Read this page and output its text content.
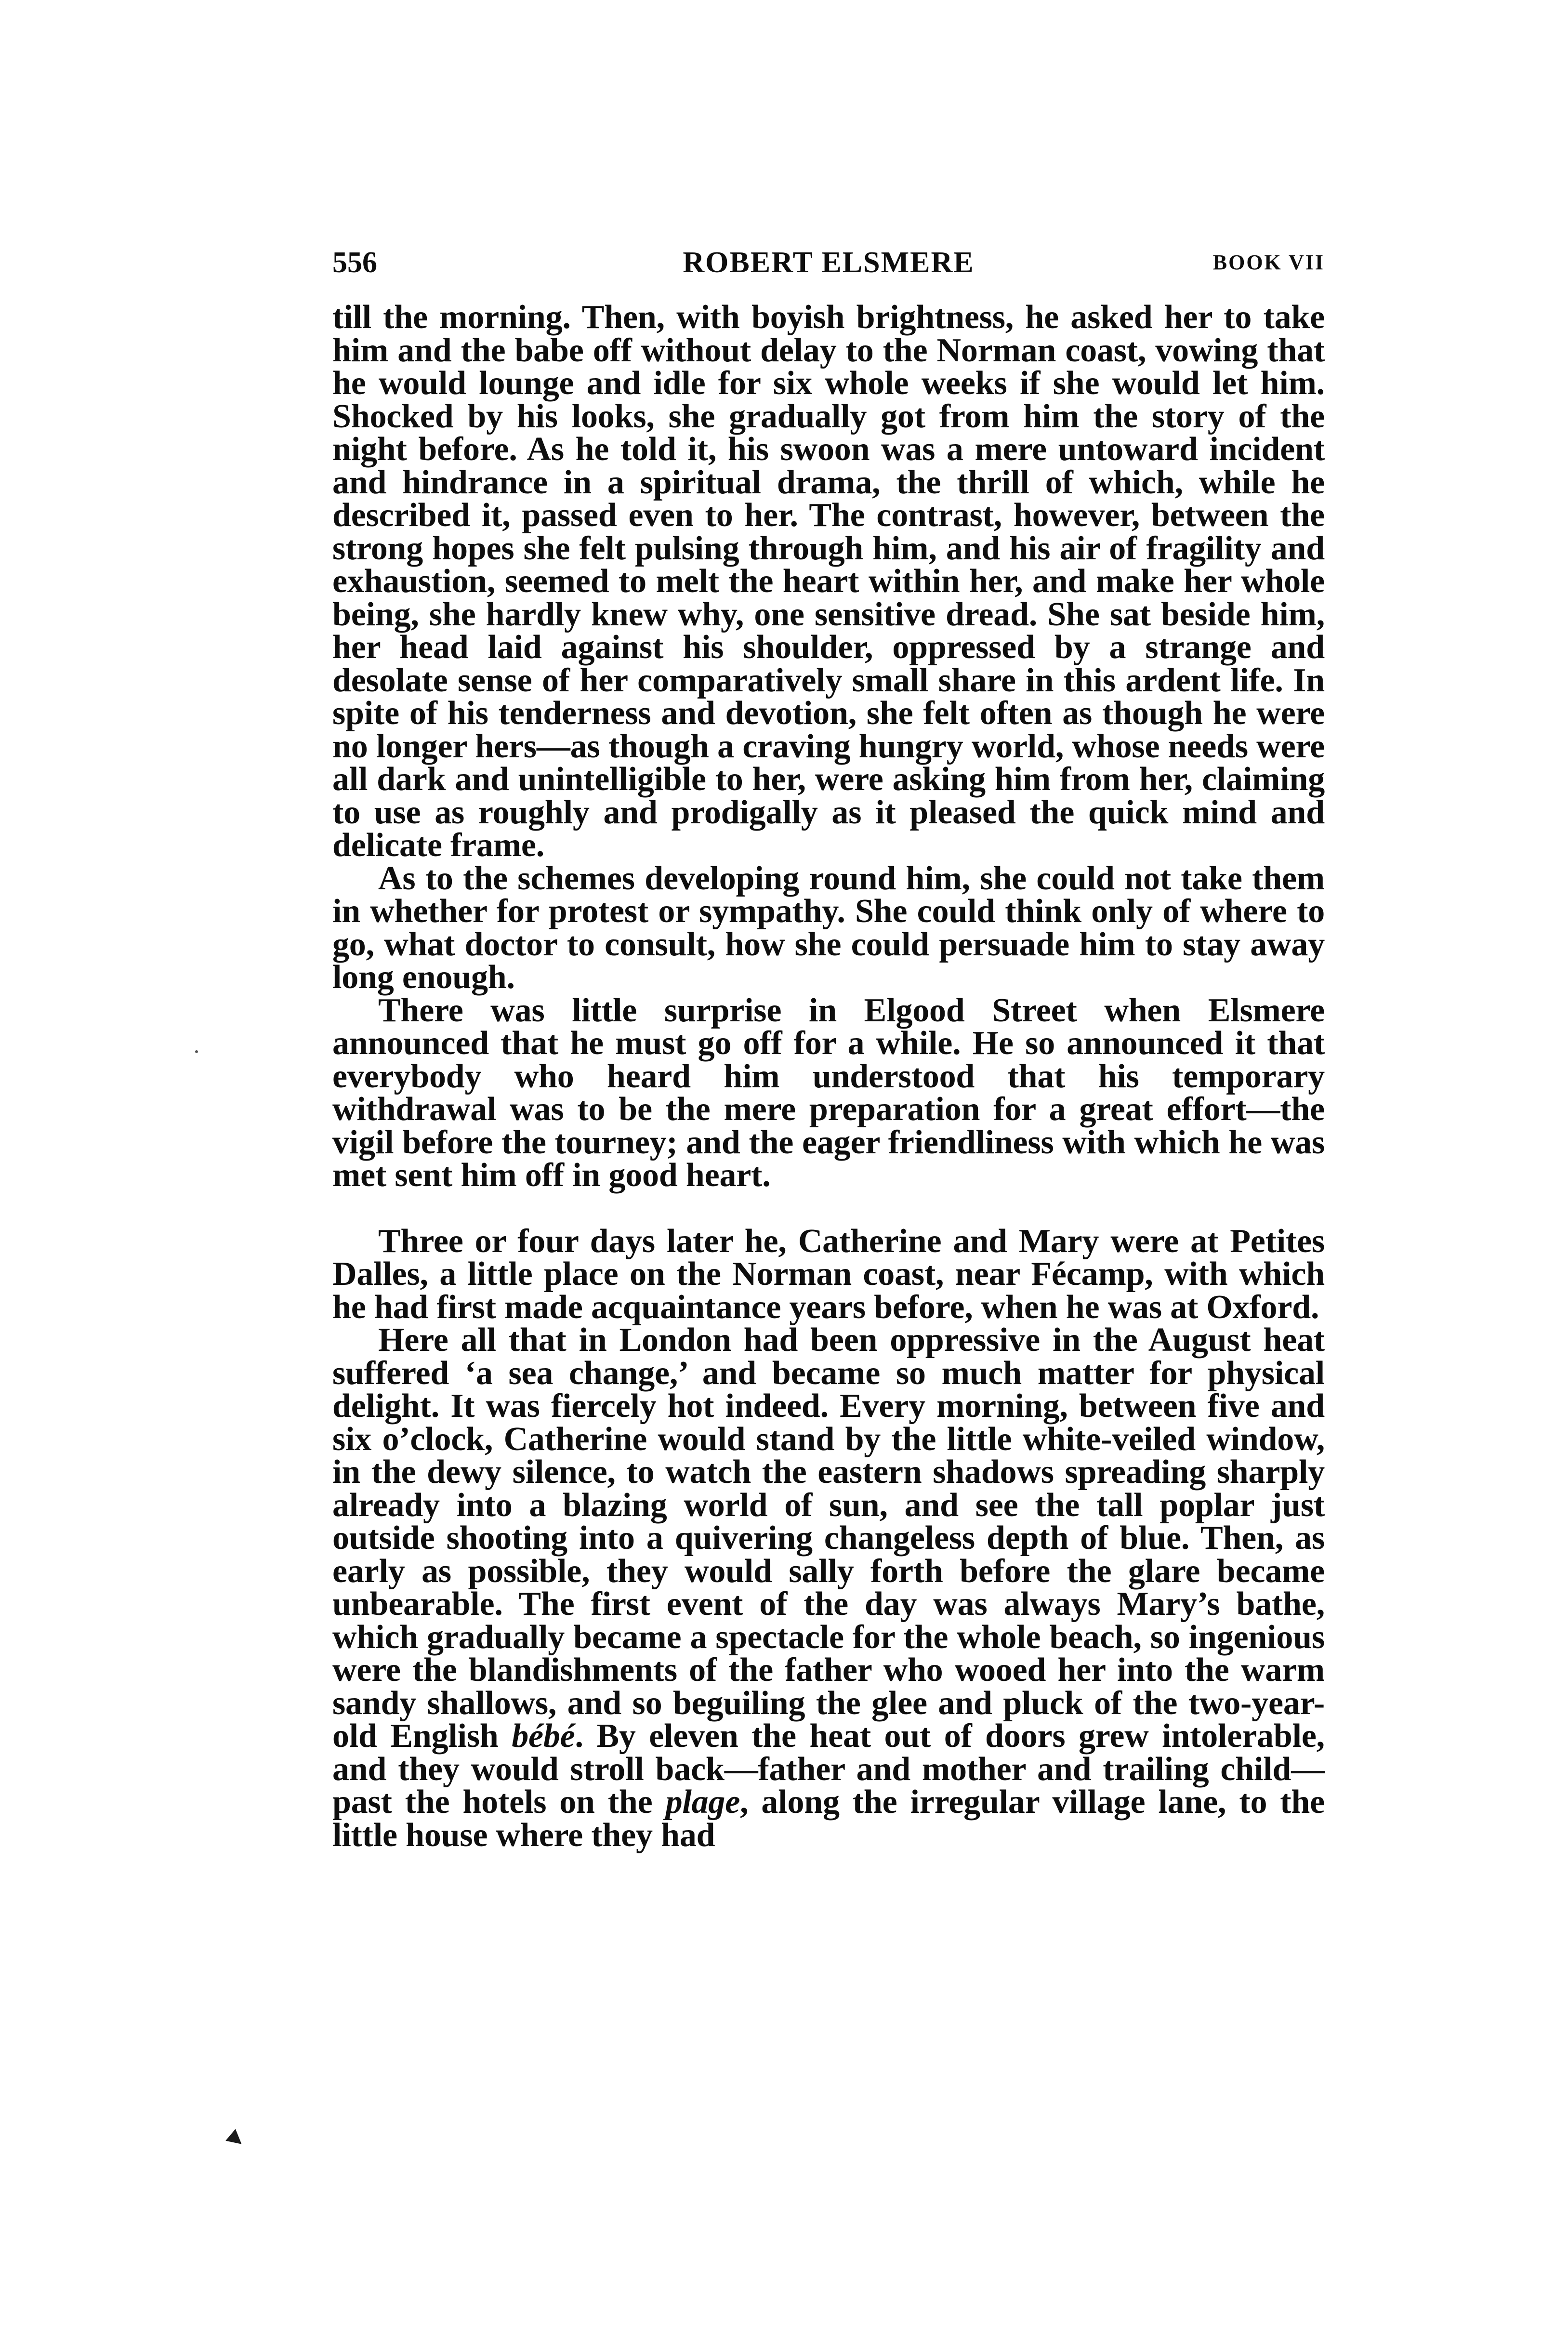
556	ROBERT ELSMERE	BOOK VII

till the morning. Then, with boyish brightness, he asked her to take him and the babe off without delay to the Norman coast, vowing that he would lounge and idle for six whole weeks if she would let him. Shocked by his looks, she gradually got from him the story of the night before. As he told it, his swoon was a mere untoward incident and hindrance in a spiritual drama, the thrill of which, while he described it, passed even to her. The contrast, however, between the strong hopes she felt pulsing through him, and his air of fragility and exhaustion, seemed to melt the heart within her, and make her whole being, she hardly knew why, one sensitive dread. She sat beside him, her head laid against his shoulder, oppressed by a strange and desolate sense of her comparatively small share in this ardent life. In spite of his tenderness and devotion, she felt often as though he were no longer hers—as though a craving hungry world, whose needs were all dark and unintelligible to her, were asking him from her, claiming to use as roughly and prodigally as it pleased the quick mind and delicate frame.

As to the schemes developing round him, she could not take them in whether for protest or sympathy. She could think only of where to go, what doctor to consult, how she could persuade him to stay away long enough.

There was little surprise in Elgood Street when Elsmere announced that he must go off for a while. He so announced it that everybody who heard him understood that his temporary withdrawal was to be the mere preparation for a great effort—the vigil before the tourney; and the eager friendliness with which he was met sent him off in good heart.

Three or four days later he, Catherine and Mary were at Petites Dalles, a little place on the Norman coast, near Fécamp, with which he had first made acquaintance years before, when he was at Oxford.

Here all that in London had been oppressive in the August heat suffered ‘a sea change,’ and became so much matter for physical delight. It was fiercely hot indeed. Every morning, between five and six o’clock, Catherine would stand by the little white-veiled window, in the dewy silence, to watch the eastern shadows spreading sharply already into a blazing world of sun, and see the tall poplar just outside shooting into a quivering changeless depth of blue. Then, as early as possible, they would sally forth before the glare became unbearable. The first event of the day was always Mary’s bathe, which gradually became a spectacle for the whole beach, so ingenious were the blandishments of the father who wooed her into the warm sandy shallows, and so beguiling the glee and pluck of the two-year-old English bébé. By eleven the heat out of doors grew intolerable, and they would stroll back—father and mother and trailing child—past the hotels on the plage, along the irregular village lane, to the little house where they had
